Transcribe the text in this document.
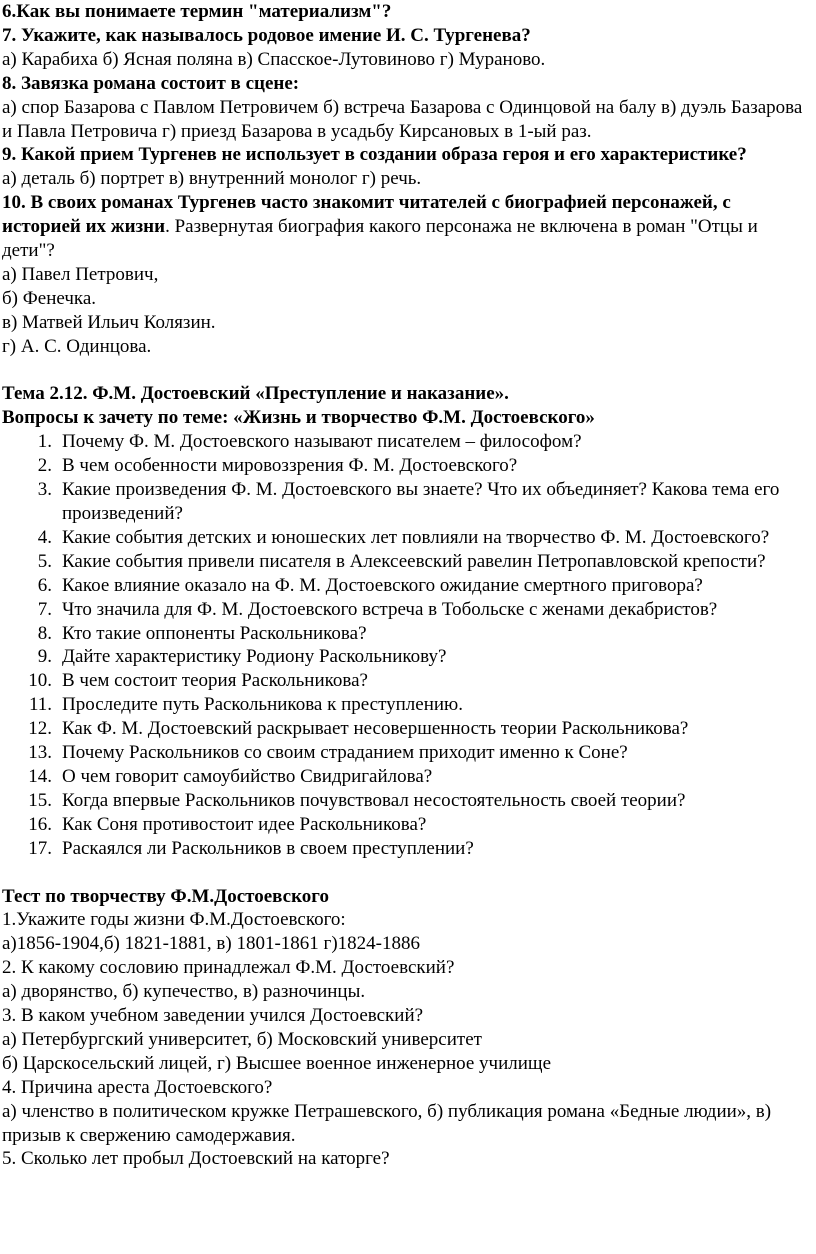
6.Как вы понимаете термин "материализм"?

7. Укажите, как называлось родовое имение И. С. Тургенева?

а) Карабиха б) Ясная поляна в) Спасское-Лутовиново г) Мураново.

8. Завязка романа состоит в сцене:

а) спор Базарова с Павлом Петровичем б) встреча Базарова с Одинцовой на балу в) дуэль Базарова и Павла Петровича г) приезд Базарова в усадьбу Кирсановых в 1-ый раз.

9. Какой прием Тургенев не использует в создании образа героя и его характеристике?

а) деталь б) портрет в) внутренний монолог г) речь.

10. В своих романах Тургенев часто знакомит читателей с биографией персонажей, с историей их жизни. Развернутая биография какого персонажа не включена в роман "Отцы и дети"?

а) Павел Петрович,

б) Фенечка.

в) Матвей Ильич Колязин.

г) А. С. Одинцова.

Тема 2.12. Ф.М. Достоевский «Преступление и наказание».

Вопросы к зачету по теме: «Жизнь и творчество Ф.М. Достоевского»

1. Почему Ф. М. Достоевского называют писателем – философом?
2. В чем особенности мировоззрения Ф. М. Достоевского?
3. Какие произведения Ф. М. Достоевского вы знаете? Что их объединяет? Какова тема его произведений?
4. Какие события детских и юношеских лет повлияли на творчество Ф. М. Достоевского?
5. Какие события привели писателя в Алексеевский равелин Петропавловской крепости?
6. Какое влияние оказало на Ф. М. Достоевского ожидание смертного приговора?
7. Что значила для Ф. М. Достоевского встреча в Тобольске с женами декабристов?
8. Кто такие оппоненты Раскольникова?
9. Дайте характеристику Родиону Раскольникову?
10. В чем состоит теория Раскольникова?
11. Проследите путь Раскольникова к преступлению.
12. Как Ф. М. Достоевский раскрывает несовершенность теории Раскольникова?
13. Почему Раскольников со своим страданием приходит именно к Соне?
14. О чем говорит самоубийство Свидригайлова?
15. Когда впервые Раскольников почувствовал несостоятельность своей теории?
16. Как Соня противостоит идее Раскольникова?
17. Раскаялся ли Раскольников в своем преступлении?

Тест по творчеству Ф.М.Достоевского

1.Укажите годы жизни Ф.М.Достоевского:

а)1856-1904,б) 1821-1881, в) 1801-1861 г)1824-1886

2. К какому сословию принадлежал Ф.М. Достоевский?

а) дворянство, б) купечество, в) разночинцы.

3. В каком учебном заведении учился Достоевский?

а) Петербургский университет, б) Московский университет

б) Царскосельский лицей, г) Высшее военное инженерное училище

4. Причина ареста Достоевского?

а) членство в политическом кружке Петрашевского, б) публикация романа «Бедные людии», в) призыв к свержению самодержавия.

5. Сколько лет пробыл Достоевский на каторге?
